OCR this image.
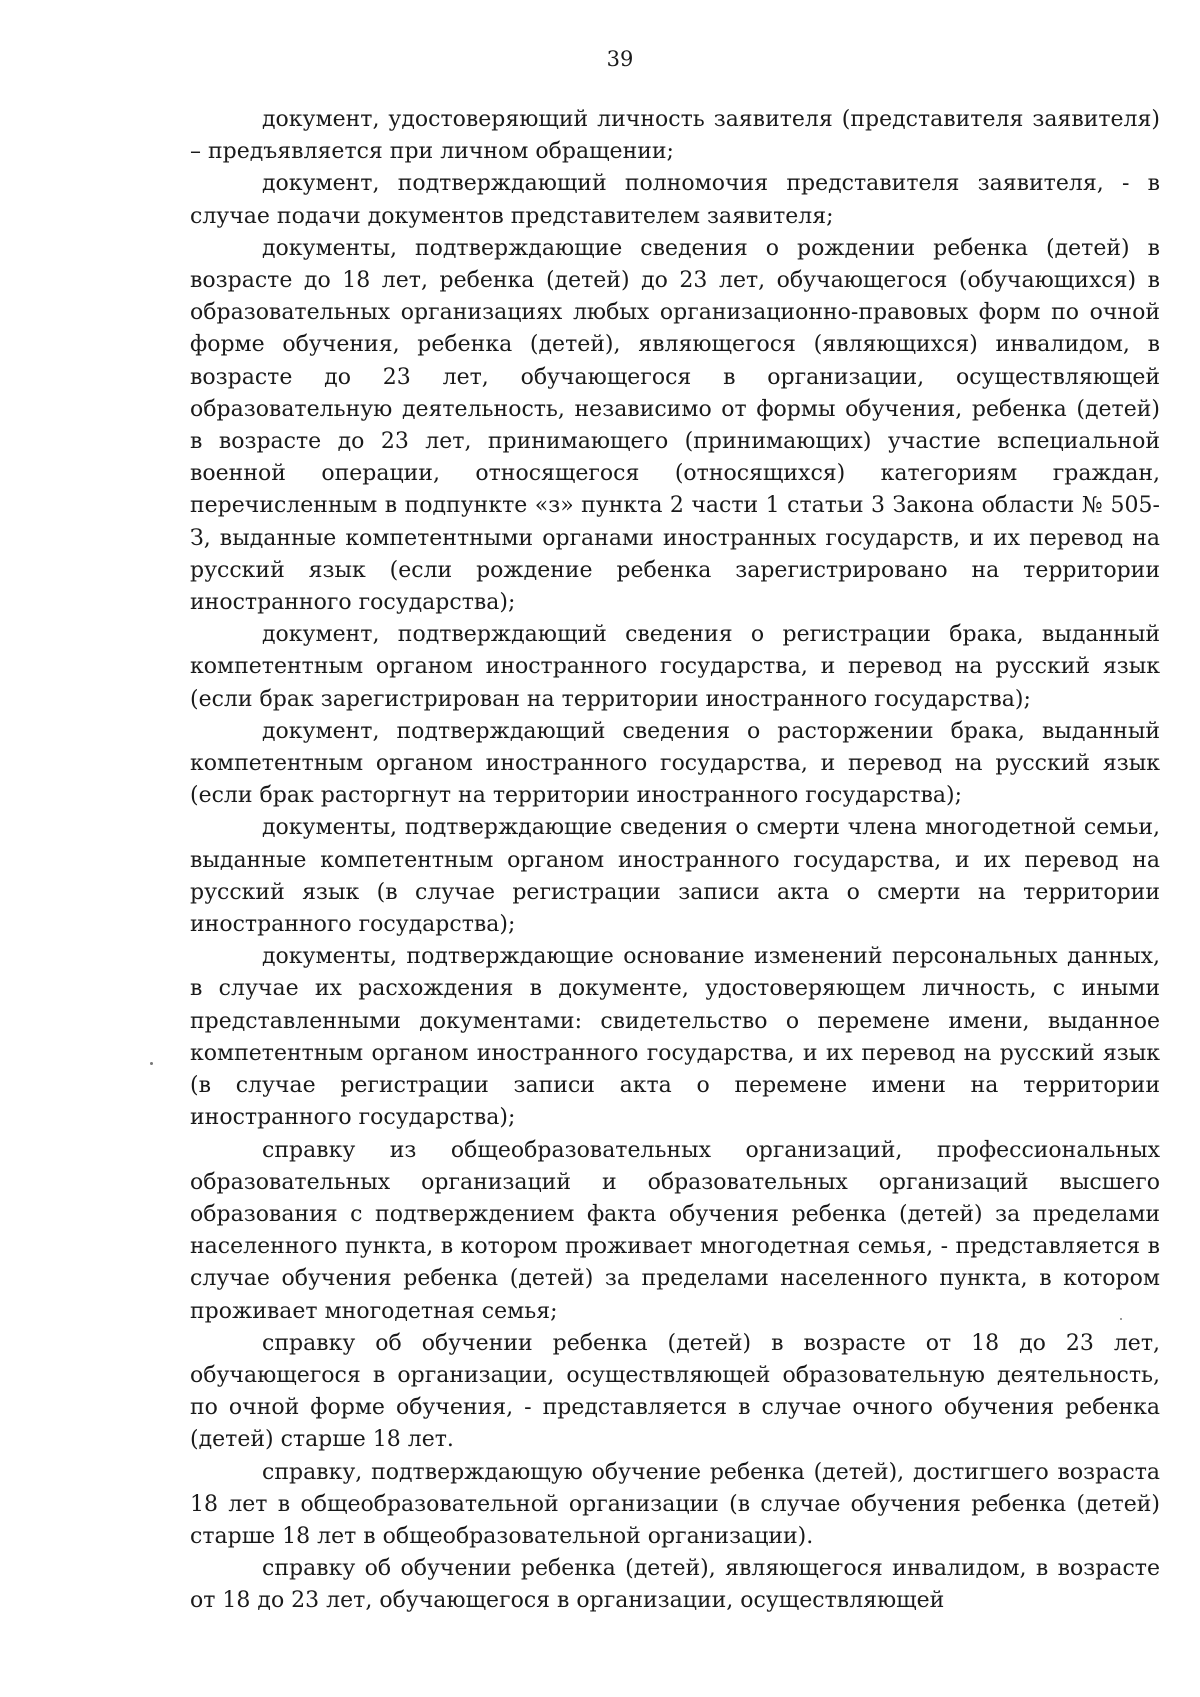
39

документ, удостоверяющий личность заявителя (представителя заявителя) – предъявляется при личном обращении;

документ, подтверждающий полномочия представителя заявителя, - в случае подачи документов представителем заявителя;

документы, подтверждающие сведения о рождении ребенка (детей) в возрасте до 18 лет, ребенка (детей) до 23 лет, обучающегося (обучающихся) в образовательных организациях любых организационно-правовых форм по очной форме обучения, ребенка (детей), являющегося (являющихся) инвалидом, в возрасте до 23 лет, обучающегося в организации, осуществляющей образовательную деятельность, независимо от формы обучения, ребенка (детей) в возрасте до 23 лет, принимающего (принимающих) участие вспециальной военной операции, относящегося (относящихся) категориям граждан, перечисленным в подпункте «з» пункта 2 части 1 статьи 3 Закона области № 505-З, выданные компетентными органами иностранных государств, и их перевод на русский язык (если рождение ребенка зарегистрировано на территории иностранного государства);

документ, подтверждающий сведения о регистрации брака, выданный компетентным органом иностранного государства, и перевод на русский язык (если брак зарегистрирован на территории иностранного государства);

документ, подтверждающий сведения о расторжении брака, выданный компетентным органом иностранного государства, и перевод на русский язык (если брак расторгнут на территории иностранного государства);

документы, подтверждающие сведения о смерти члена многодетной семьи, выданные компетентным органом иностранного государства, и их перевод на русский язык (в случае регистрации записи акта о смерти на территории иностранного государства);

документы, подтверждающие основание изменений персональных данных, в случае их расхождения в документе, удостоверяющем личность, с иными представленными документами: свидетельство о перемене имени, выданное компетентным органом иностранного государства, и их перевод на русский язык (в случае регистрации записи акта о перемене имени на территории иностранного государства);

справку из общеобразовательных организаций, профессиональных образовательных организаций и образовательных организаций высшего образования с подтверждением факта обучения ребенка (детей) за пределами населенного пункта, в котором проживает многодетная семья, - представляется в случае обучения ребенка (детей) за пределами населенного пункта, в котором проживает многодетная семья;

справку об обучении ребенка (детей) в возрасте от 18 до 23 лет, обучающегося в организации, осуществляющей образовательную деятельность, по очной форме обучения, - представляется в случае очного обучения ребенка (детей) старше 18 лет.

справку, подтверждающую обучение ребенка (детей), достигшего возраста 18 лет в общеобразовательной организации (в случае обучения ребенка (детей) старше 18 лет в общеобразовательной организации).

справку об обучении ребенка (детей), являющегося инвалидом, в возрасте от 18 до 23 лет, обучающегося в организации, осуществляющей
